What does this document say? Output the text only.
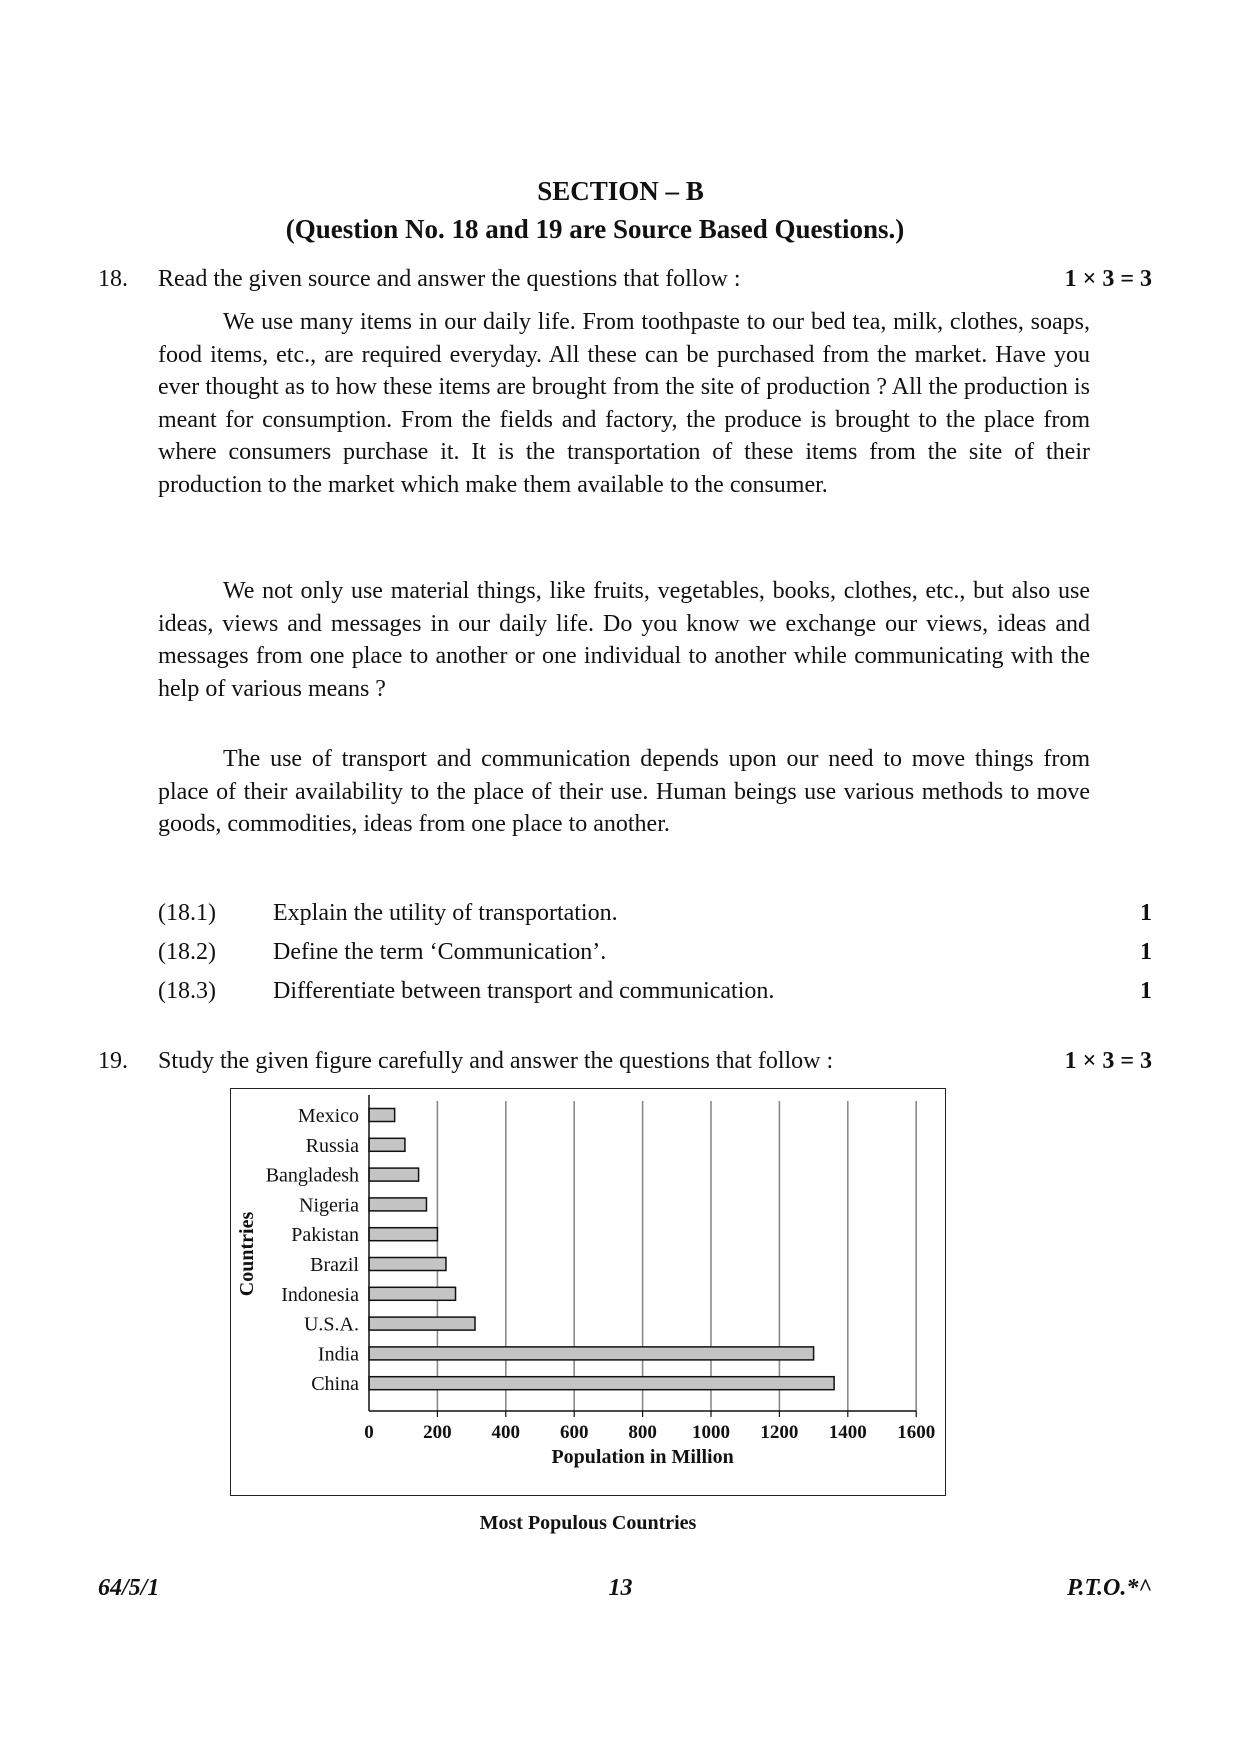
SECTION – B
(Question No. 18 and 19 are Source Based Questions.)
18. Read the given source and answer the questions that follow :	1 × 3 = 3

We use many items in our daily life. From toothpaste to our bed tea, milk, clothes, soaps, food items, etc., are required everyday. All these can be purchased from the market. Have you ever thought as to how these items are brought from the site of production ? All the production is meant for consumption. From the fields and factory, the produce is brought to the place from where consumers purchase it. It is the transportation of these items from the site of their production to the market which make them available to the consumer.

We not only use material things, like fruits, vegetables, books, clothes, etc., but also use ideas, views and messages in our daily life. Do you know we exchange our views, ideas and messages from one place to another or one individual to another while communicating with the help of various means ?

The use of transport and communication depends upon our need to move things from place of their availability to the place of their use. Human beings use various methods to move goods, commodities, ideas from one place to another.

(18.1) Explain the utility of transportation.	1
(18.2) Define the term ‘Communication’.	1
(18.3) Differentiate between transport and communication.	1
19. Study the given figure carefully and answer the questions that follow :	1 × 3 = 3
0	200 400 600 800 1000 1200 1400 1600
Mexico
Russia
Bangladesh
Nigeria
Pakistan
Brazil
Indonesia
U.S.A.
India
China
Population in Million
Countries
Most Populous Countries
64/5/1	13	P.T.O.*^
